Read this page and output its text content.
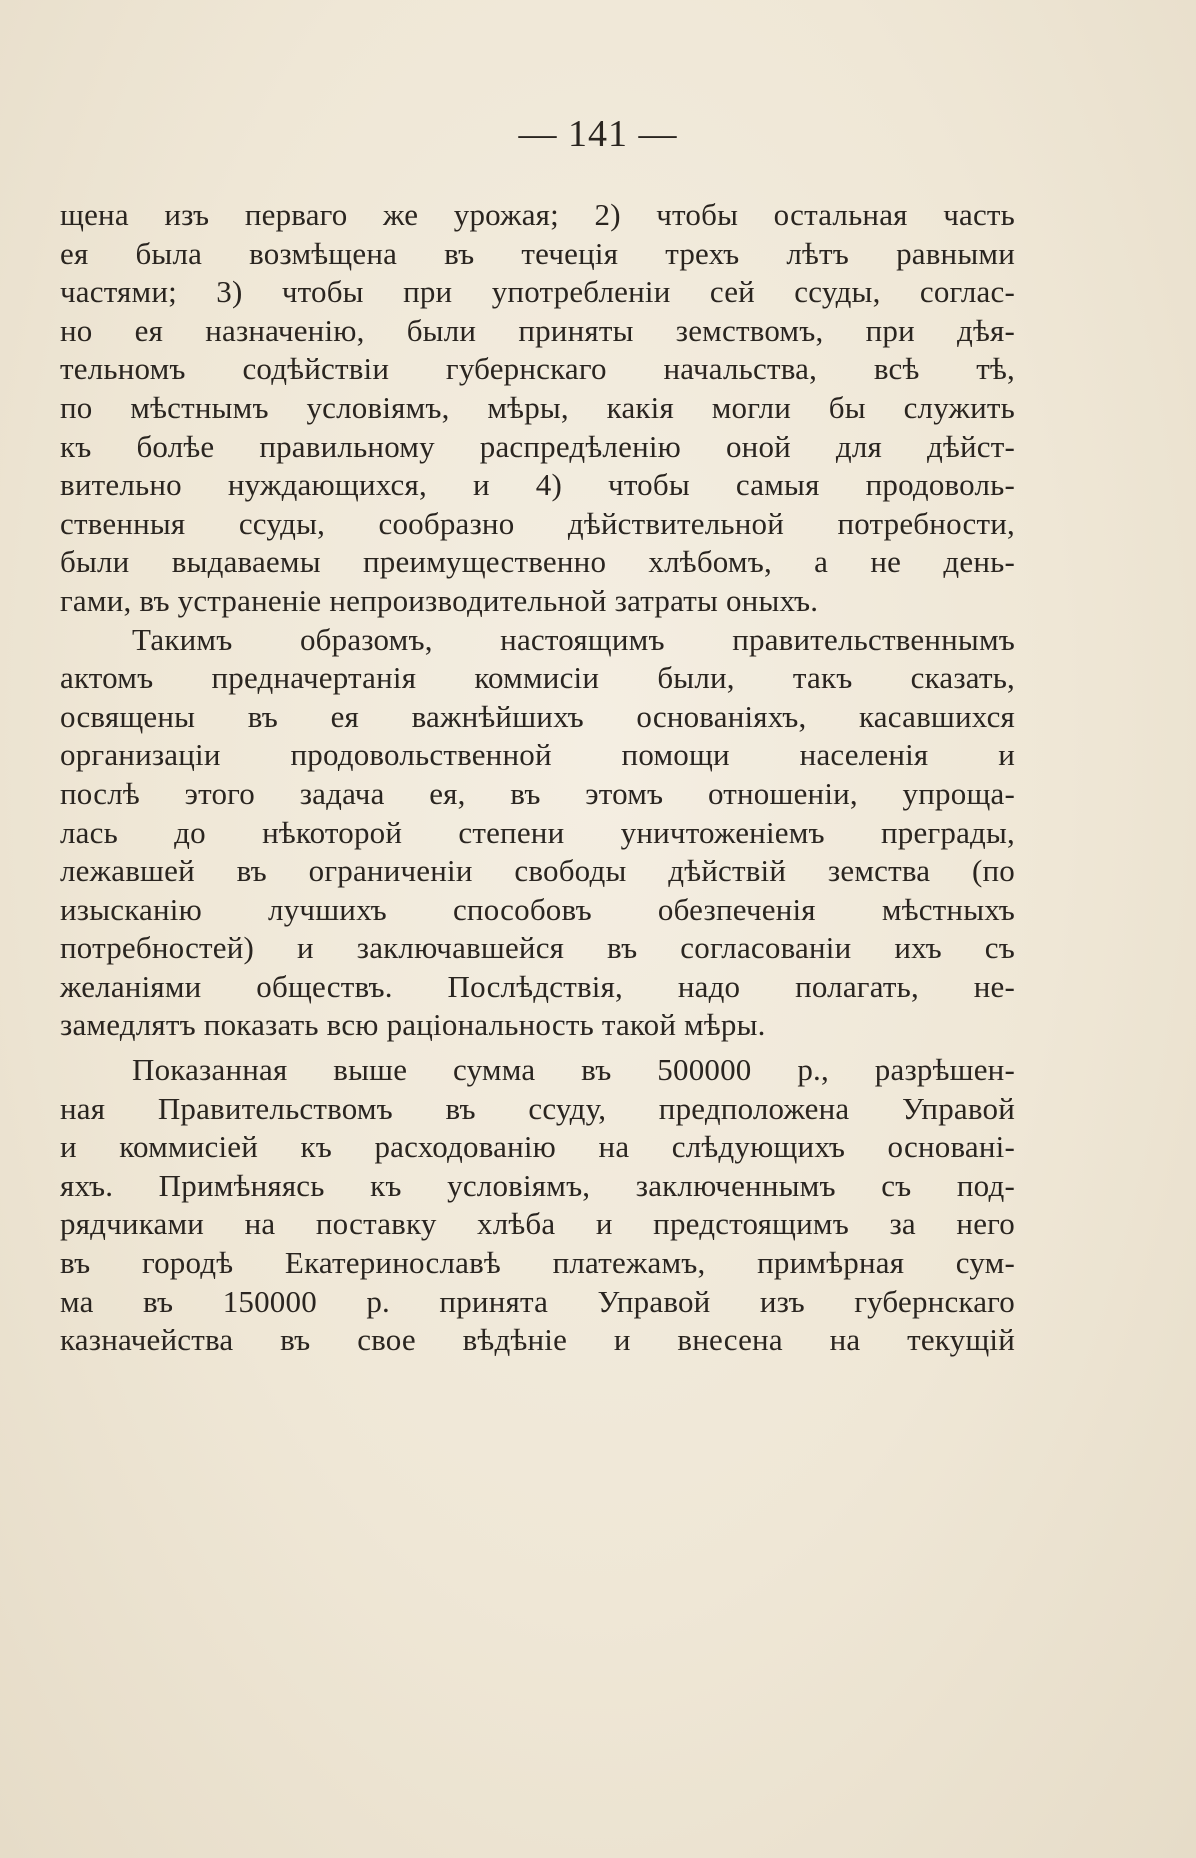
— 141 —
щена изъ перваго же урожая; 2) чтобы остальная часть
ея была возмѣщена въ течеція трехъ лѣтъ равными
частями; 3) чтобы при употребленіи сей ссуды, соглас-
но ея назначенію, были приняты земствомъ, при дѣя-
тельномъ содѣйствіи губернскаго начальства, всѣ тѣ,
по мѣстнымъ условіямъ, мѣры, какія могли бы служить
къ болѣе правильному распредѣленію оной для дѣйст-
вительно нуждающихся, и 4) чтобы самыя продоволь-
ственныя ссуды, сообразно дѣйствительной потребности,
были выдаваемы преимущественно хлѣбомъ, а не день-
гами, въ устраненіе непроизводительной затраты оныхъ.
Такимъ образомъ, настоящимъ правительственнымъ
актомъ предначертанія коммисіи были, такъ сказать,
освящены въ ея важнѣйшихъ основаніяхъ, касавшихся
организаціи продовольственной помощи населенія и
послѣ этого задача ея, въ этомъ отношеніи, упроща-
лась до нѣкоторой степени уничтоженіемъ преграды,
лежавшей въ ограниченіи свободы дѣйствій земства (по
изысканію лучшихъ способовъ обезпеченія мѣстныхъ
потребностей) и заключавшейся въ согласованіи ихъ съ
желаніями обществъ. Послѣдствія, надо полагать, не-
замедлятъ показать всю раціональность такой мѣры.
Показанная выше сумма въ 500000 р., разрѣшен-
ная Правительствомъ въ ссуду, предположена Управой
и коммисіей къ расходованію на слѣдующихъ основані-
яхъ. Примѣняясь къ условіямъ, заключеннымъ съ под-
рядчиками на поставку хлѣба и предстоящимъ за него
въ городѣ Екатеринославѣ платежамъ, примѣрная сум-
ма въ 150000 р. принята Управой изъ губернскаго
казначейства въ свое вѣдѣніе и внесена на текущій
